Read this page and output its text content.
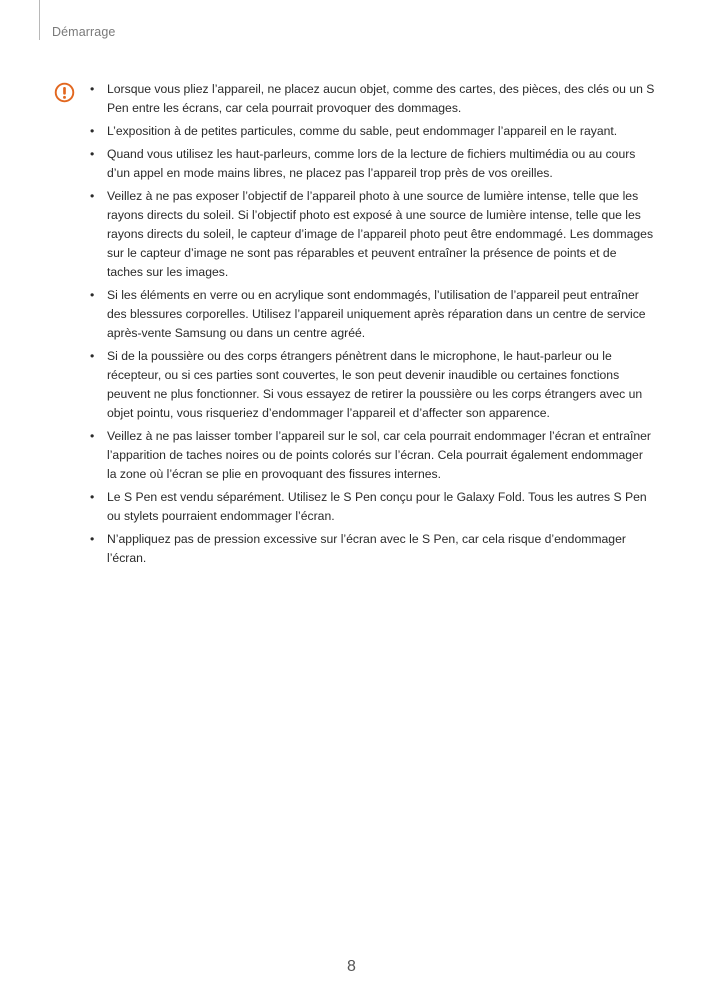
Démarrage
•	Lorsque vous pliez l’appareil, ne placez aucun objet, comme des cartes, des pièces, des clés ou un S Pen entre les écrans, car cela pourrait provoquer des dommages.
•	L’exposition à de petites particules, comme du sable, peut endommager l’appareil en le rayant.
•	Quand vous utilisez les haut-parleurs, comme lors de la lecture de fichiers multimédia ou au cours d’un appel en mode mains libres, ne placez pas l’appareil trop près de vos oreilles.
•	Veillez à ne pas exposer l’objectif de l’appareil photo à une source de lumière intense, telle que les rayons directs du soleil. Si l’objectif photo est exposé à une source de lumière intense, telle que les rayons directs du soleil, le capteur d’image de l’appareil photo peut être endommagé. Les dommages sur le capteur d’image ne sont pas réparables et peuvent entraîner la présence de points et de taches sur les images.
•	Si les éléments en verre ou en acrylique sont endommagés, l’utilisation de l’appareil peut entraîner des blessures corporelles. Utilisez l’appareil uniquement après réparation dans un centre de service après-vente Samsung ou dans un centre agréé.
•	Si de la poussière ou des corps étrangers pénètrent dans le microphone, le haut-parleur ou le récepteur, ou si ces parties sont couvertes, le son peut devenir inaudible ou certaines fonctions peuvent ne plus fonctionner. Si vous essayez de retirer la poussière ou les corps étrangers avec un objet pointu, vous risqueriez d’endommager l’appareil et d’affecter son apparence.
•	Veillez à ne pas laisser tomber l’appareil sur le sol, car cela pourrait endommager l’écran et entraîner l’apparition de taches noires ou de points colorés sur l’écran. Cela pourrait également endommager la zone où l’écran se plie en provoquant des fissures internes.
•	Le S Pen est vendu séparément. Utilisez le S Pen conçu pour le Galaxy Fold. Tous les autres S Pen ou stylets pourraient endommager l’écran.
•	N’appliquez pas de pression excessive sur l’écran avec le S Pen, car cela risque d’endommager l’écran.
8
